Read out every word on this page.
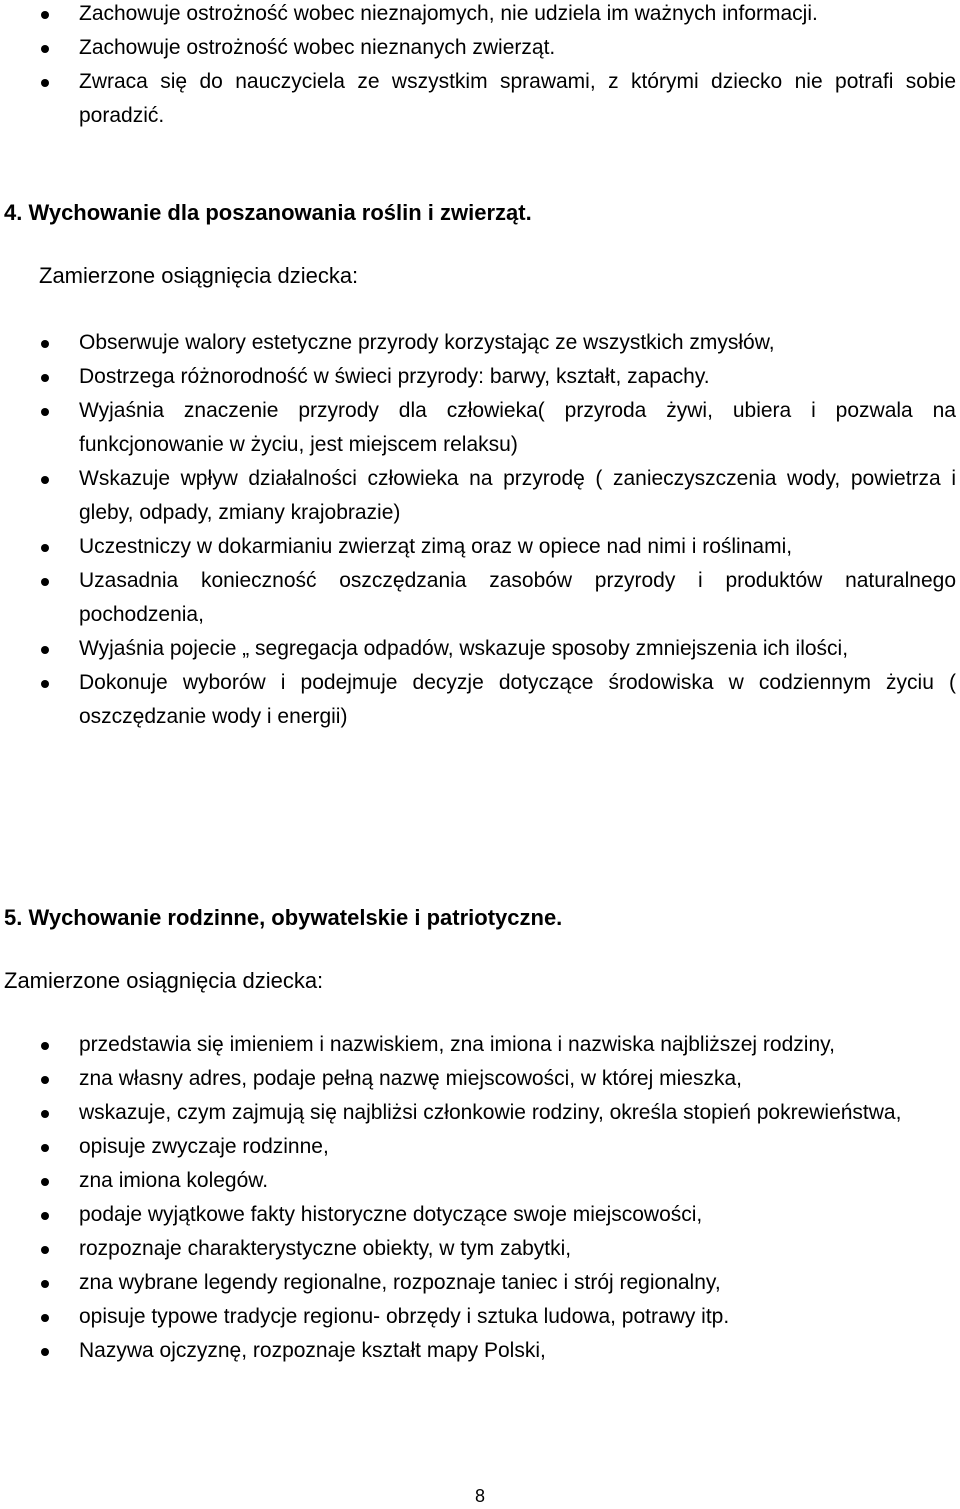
Zachowuje ostrożność wobec nieznajomych, nie udziela im ważnych informacji.
Zachowuje ostrożność wobec nieznanych zwierząt.
Zwraca się do nauczyciela ze wszystkim sprawami, z którymi dziecko nie potrafi sobie poradzić.
4. Wychowanie dla poszanowania roślin i zwierząt.
Zamierzone osiągnięcia dziecka:
Obserwuje walory estetyczne przyrody korzystając ze wszystkich zmysłów,
Dostrzega różnorodność w świeci przyrody: barwy, kształt, zapachy.
Wyjaśnia znaczenie przyrody dla człowieka( przyroda żywi, ubiera i pozwala na funkcjonowanie w życiu, jest miejscem relaksu)
Wskazuje wpływ działalności człowieka na przyrodę ( zanieczyszczenia wody, powietrza i gleby, odpady, zmiany krajobrazie)
Uczestniczy w dokarmianiu zwierząt zimą oraz w opiece nad nimi i roślinami,
Uzasadnia konieczność oszczędzania zasobów przyrody i produktów naturalnego pochodzenia,
Wyjaśnia pojecie „ segregacja odpadów, wskazuje sposoby zmniejszenia ich ilości,
Dokonuje wyborów i podejmuje decyzje dotyczące środowiska w codziennym życiu ( oszczędzanie wody i energii)
5. Wychowanie rodzinne, obywatelskie i patriotyczne.
Zamierzone osiągnięcia dziecka:
przedstawia się imieniem i nazwiskiem, zna imiona i nazwiska najbliższej rodziny,
zna własny adres, podaje pełną nazwę miejscowości, w której mieszka,
wskazuje, czym zajmują się najbliżsi członkowie rodziny, określa stopień pokrewieństwa,
opisuje zwyczaje rodzinne,
zna imiona kolegów.
podaje wyjątkowe fakty historyczne dotyczące swoje miejscowości,
rozpoznaje charakterystyczne obiekty, w tym zabytki,
zna wybrane legendy regionalne, rozpoznaje taniec i strój regionalny,
opisuje typowe tradycje regionu- obrzędy i sztuka ludowa, potrawy itp.
Nazywa ojczyznę, rozpoznaje kształt mapy Polski,
8
